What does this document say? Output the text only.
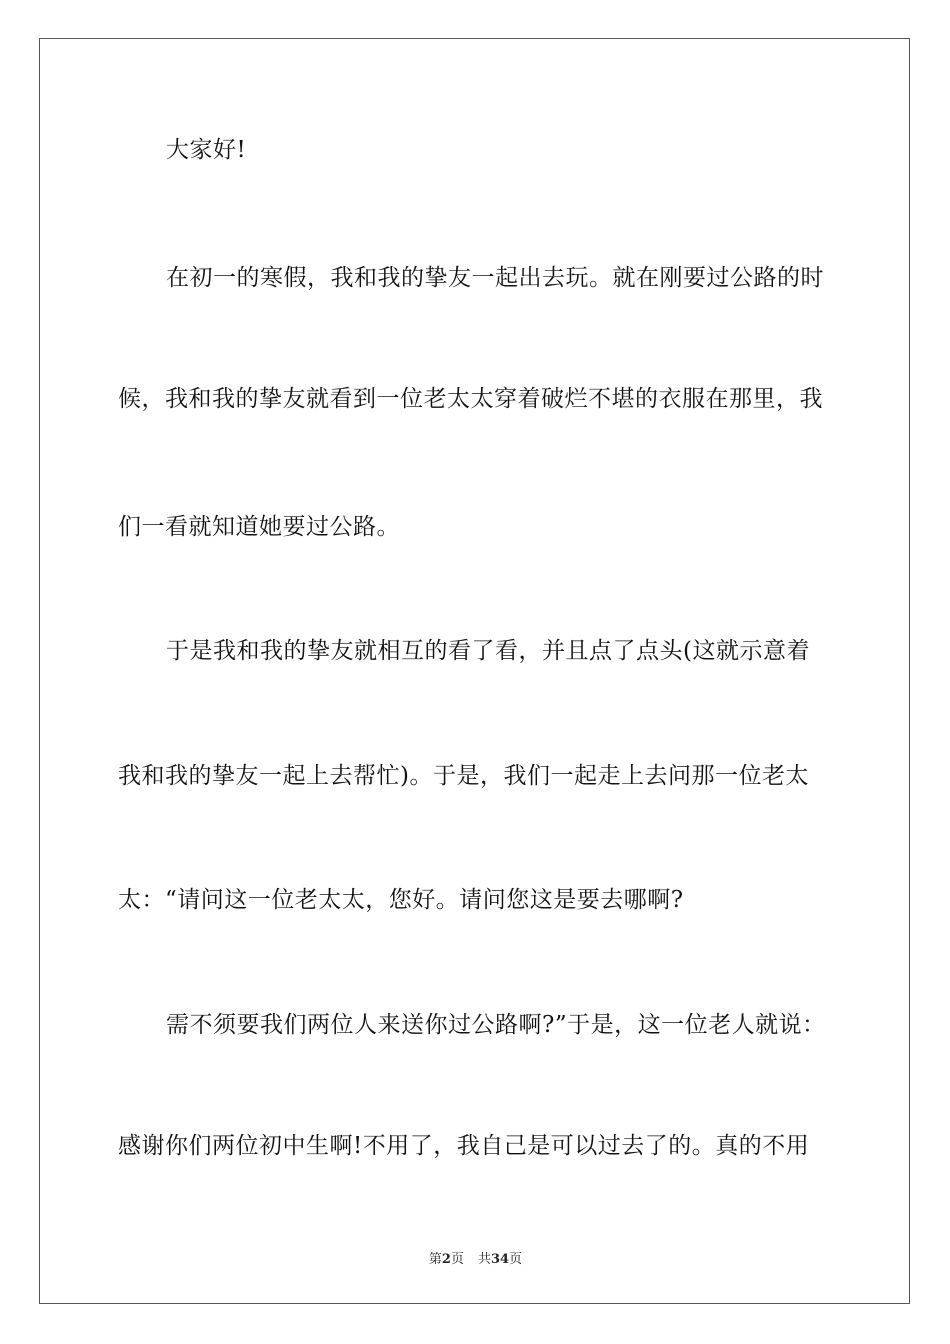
大家好!
在初一的寒假，我和我的挚友一起出去玩。就在刚要过公路的时
候，我和我的挚友就看到一位老太太穿着破烂不堪的衣服在那里，我
们一看就知道她要过公路。
于是我和我的挚友就相互的看了看，并且点了点头(这就示意着
我和我的挚友一起上去帮忙)。于是，我们一起走上去问那一位老太
太：“请问这一位老太太，您好。请问您这是要去哪啊?
需不须要我们两位人来送你过公路啊?”于是，这一位老人就说：
感谢你们两位初中生啊!不用了，我自己是可以过去了的。真的不用
第2页 共34页
